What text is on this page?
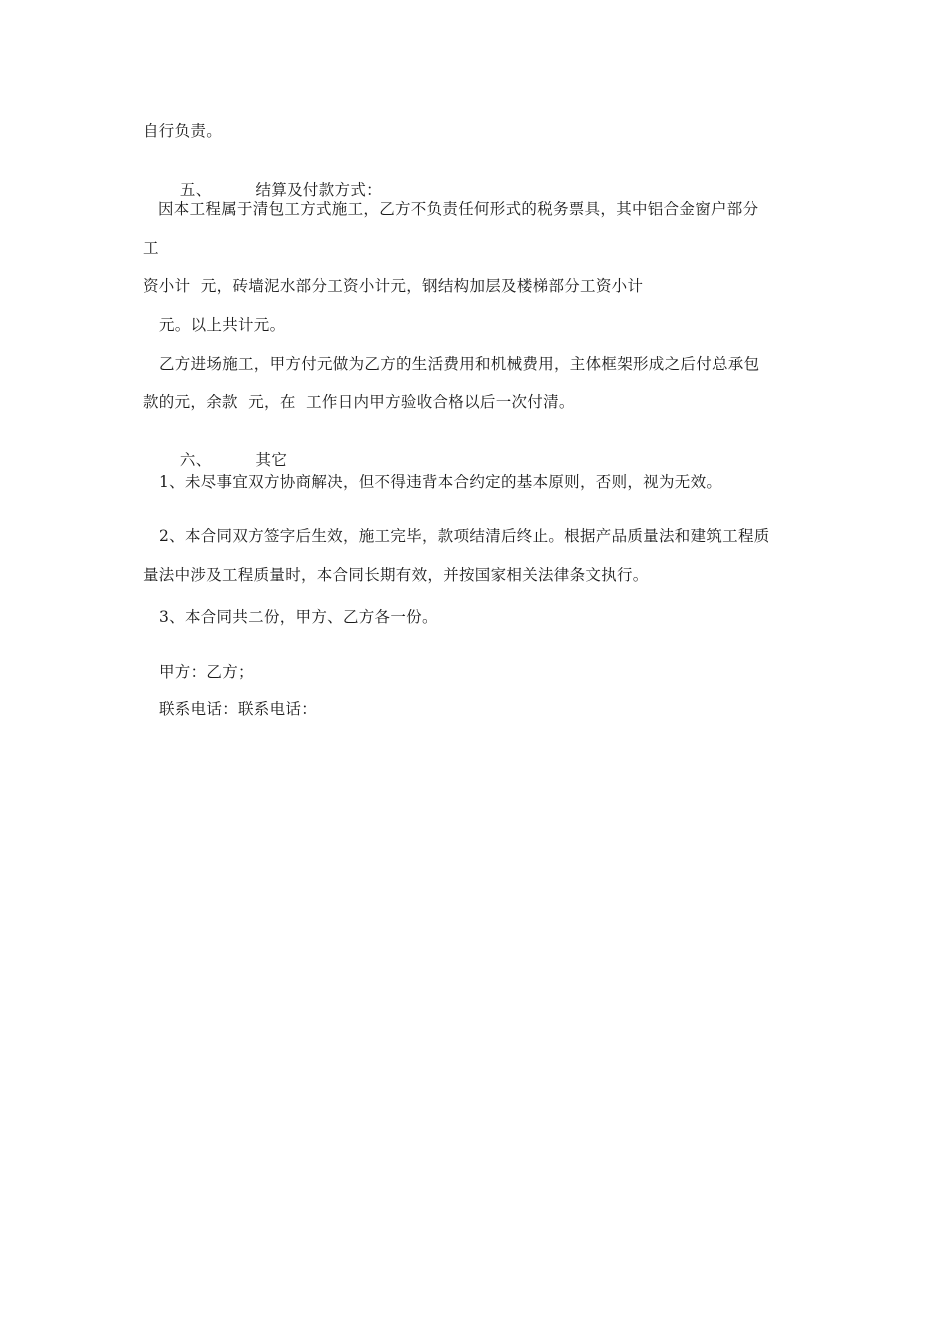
自行负责。

五、	结算及付款方式：

因本工程属于清包工方式施工，乙方不负责任何形式的税务票具，其中铝合金窗户部分
工
资小计  元，砖墙泥水部分工资小计元，钢结构加层及楼梯部分工资小计
元。以上共计元。
乙方进场施工，甲方付元做为乙方的生活费用和机械费用，主体框架形成之后付总承包
款的元，余款  元，在  工作日内甲方验收合格以后一次付清。

六、	其它

1、未尽事宜双方协商解决，但不得违背本合约定的基本原则，否则，视为无效。
2、本合同双方签字后生效，施工完毕，款项结清后终止。根据产品质量法和建筑工程质
量法中涉及工程质量时，本合同长期有效，并按国家相关法律条文执行。
3、本合同共二份，甲方、乙方各一份。
甲方：乙方；
联系电话：联系电话：
